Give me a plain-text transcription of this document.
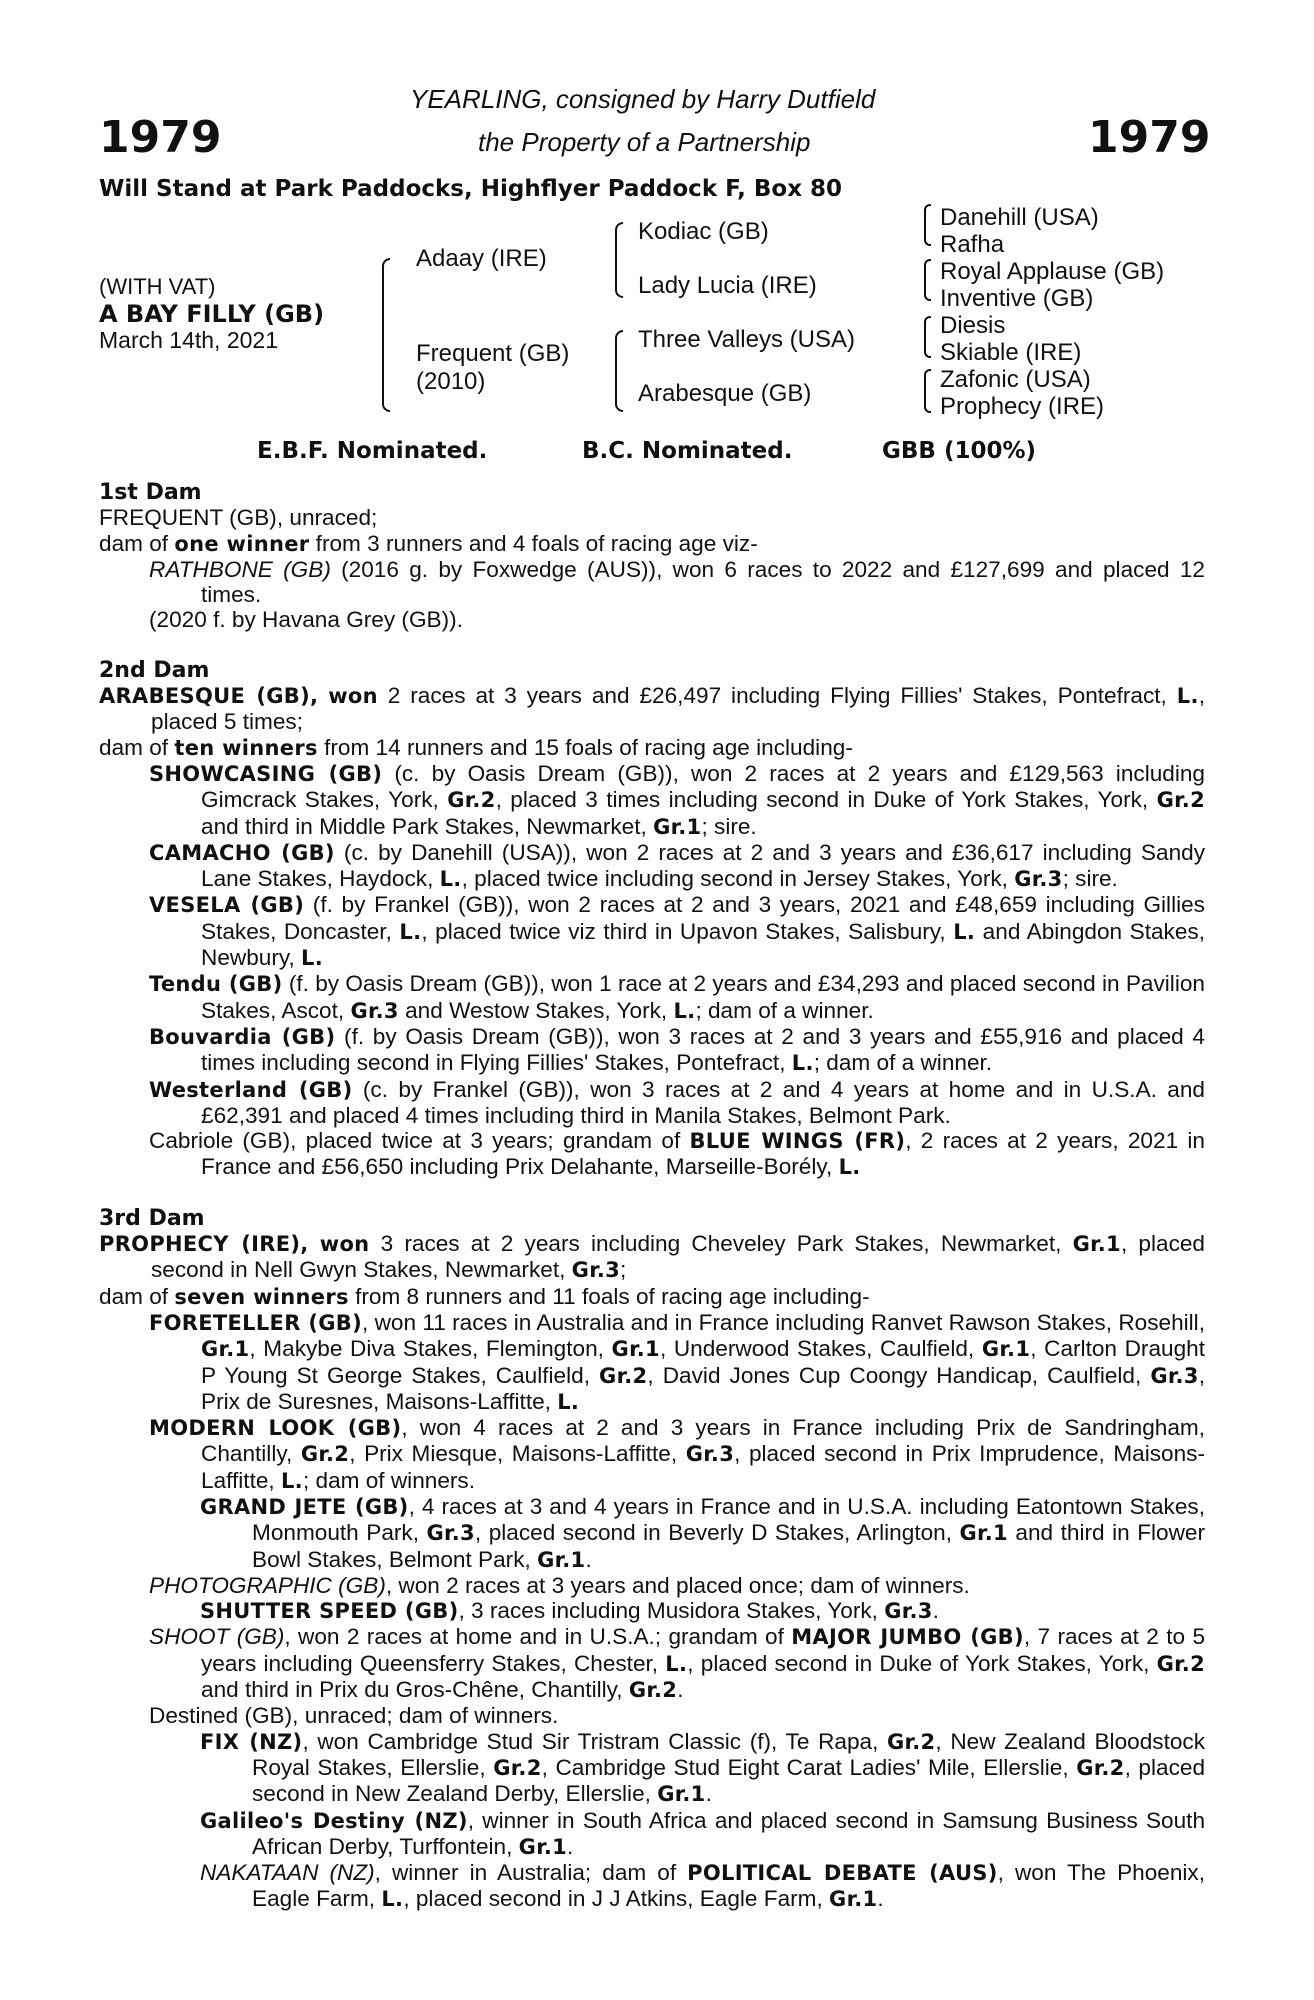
YEARLING, consigned by Harry Dutfield
the Property of a Partnership
1979	1979
Will Stand at Park Paddocks, Highflyer Paddock F, Box 80
(WITH VAT)
A BAY FILLY (GB)
March 14th, 2021
Adaay (IRE)
Frequent (GB)
(2010)
Kodiac (GB)
Lady Lucia (IRE)
Three Valleys (USA)
Arabesque (GB)
Danehill (USA)
Rafha
Royal Applause (GB)
Inventive (GB)
Diesis
Skiable (IRE)
Zafonic (USA)
Prophecy (IRE)
E.B.F. Nominated.	B.C. Nominated.	GBB (100%)
1st Dam

FREQUENT (GB), unraced;

dam of one winner from 3 runners and 4 foals of racing age viz-

RATHBONE (GB) (2016 g. by Foxwedge (AUS)), won 6 races to 2022 and £127,699 and placed 12 times.

(2020 f. by Havana Grey (GB)).

2nd Dam

ARABESQUE (GB), won 2 races at 3 years and £26,497 including Flying Fillies' Stakes, Pontefract, L., placed 5 times;

dam of ten winners from 14 runners and 15 foals of racing age including-

SHOWCASING (GB) (c. by Oasis Dream (GB)), won 2 races at 2 years and £129,563 including Gimcrack Stakes, York, Gr.2, placed 3 times including second in Duke of York Stakes, York, Gr.2 and third in Middle Park Stakes, Newmarket, Gr.1; sire.

CAMACHO (GB) (c. by Danehill (USA)), won 2 races at 2 and 3 years and £36,617 including Sandy Lane Stakes, Haydock, L., placed twice including second in Jersey Stakes, York, Gr.3; sire.

VESELA (GB) (f. by Frankel (GB)), won 2 races at 2 and 3 years, 2021 and £48,659 including Gillies Stakes, Doncaster, L., placed twice viz third in Upavon Stakes, Salisbury, L. and Abingdon Stakes, Newbury, L.

Tendu (GB) (f. by Oasis Dream (GB)), won 1 race at 2 years and £34,293 and placed second in Pavilion Stakes, Ascot, Gr.3 and Westow Stakes, York, L.; dam of a winner.

Bouvardia (GB) (f. by Oasis Dream (GB)), won 3 races at 2 and 3 years and £55,916 and placed 4 times including second in Flying Fillies' Stakes, Pontefract, L.; dam of a winner.

Westerland (GB) (c. by Frankel (GB)), won 3 races at 2 and 4 years at home and in U.S.A. and £62,391 and placed 4 times including third in Manila Stakes, Belmont Park.

Cabriole (GB), placed twice at 3 years; grandam of BLUE WINGS (FR), 2 races at 2 years, 2021 in France and £56,650 including Prix Delahante, Marseille-Borély, L.

3rd Dam

PROPHECY (IRE), won 3 races at 2 years including Cheveley Park Stakes, Newmarket, Gr.1, placed second in Nell Gwyn Stakes, Newmarket, Gr.3;

dam of seven winners from 8 runners and 11 foals of racing age including-

FORETELLER (GB), won 11 races in Australia and in France including Ranvet Rawson Stakes, Rosehill, Gr.1, Makybe Diva Stakes, Flemington, Gr.1, Underwood Stakes, Caulfield, Gr.1, Carlton Draught P Young St George Stakes, Caulfield, Gr.2, David Jones Cup Coongy Handicap, Caulfield, Gr.3, Prix de Suresnes, Maisons-Laffitte, L.

MODERN LOOK (GB), won 4 races at 2 and 3 years in France including Prix de Sandringham, Chantilly, Gr.2, Prix Miesque, Maisons-Laffitte, Gr.3, placed second in Prix Imprudence, Maisons-Laffitte, L.; dam of winners.

GRAND JETE (GB), 4 races at 3 and 4 years in France and in U.S.A. including Eatontown Stakes, Monmouth Park, Gr.3, placed second in Beverly D Stakes, Arlington, Gr.1 and third in Flower Bowl Stakes, Belmont Park, Gr.1.

PHOTOGRAPHIC (GB), won 2 races at 3 years and placed once; dam of winners.

SHUTTER SPEED (GB), 3 races including Musidora Stakes, York, Gr.3.

SHOOT (GB), won 2 races at home and in U.S.A.; grandam of MAJOR JUMBO (GB), 7 races at 2 to 5 years including Queensferry Stakes, Chester, L., placed second in Duke of York Stakes, York, Gr.2 and third in Prix du Gros-Chêne, Chantilly, Gr.2.

Destined (GB), unraced; dam of winners.

FIX (NZ), won Cambridge Stud Sir Tristram Classic (f), Te Rapa, Gr.2, New Zealand Bloodstock Royal Stakes, Ellerslie, Gr.2, Cambridge Stud Eight Carat Ladies' Mile, Ellerslie, Gr.2, placed second in New Zealand Derby, Ellerslie, Gr.1.

Galileo's Destiny (NZ), winner in South Africa and placed second in Samsung Business South African Derby, Turffontein, Gr.1.

NAKATAAN (NZ), winner in Australia; dam of POLITICAL DEBATE (AUS), won The Phoenix, Eagle Farm, L., placed second in J J Atkins, Eagle Farm, Gr.1.
